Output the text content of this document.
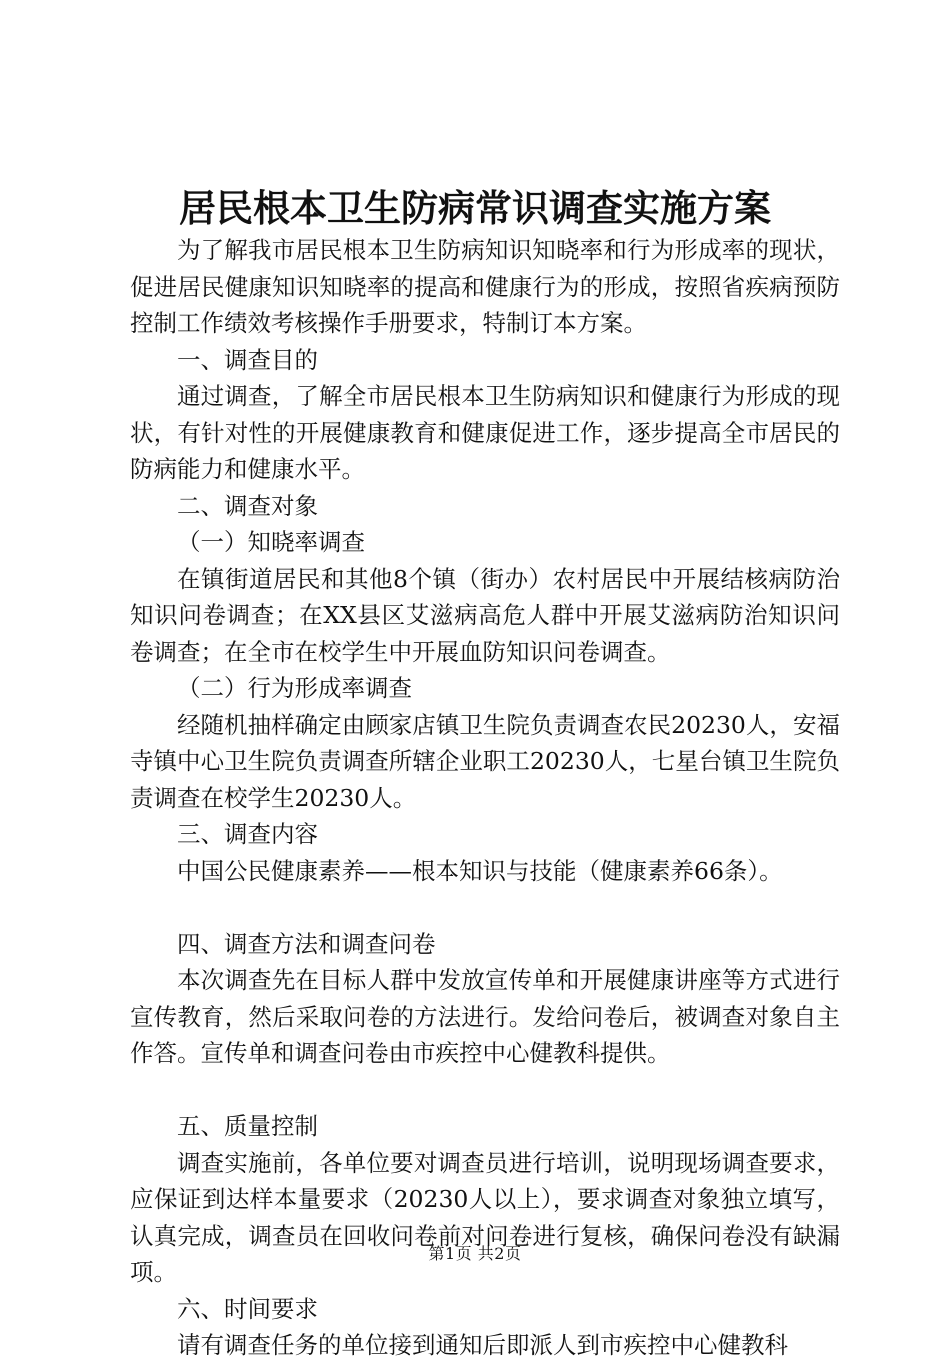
居民根本卫生防病常识调查实施方案

为了解我市居民根本卫生防病知识知晓率和行为形成率的现状，促进居民健康知识知晓率的提高和健康行为的形成，按照省疾病预防控制工作绩效考核操作手册要求，特制订本方案。

一、调查目的

通过调查，了解全市居民根本卫生防病知识和健康行为形成的现状，有针对性的开展健康教育和健康促进工作，逐步提高全市居民的防病能力和健康水平。

二、调查对象

（一）知晓率调查

在镇街道居民和其他8个镇（街办）农村居民中开展结核病防治知识问卷调查；在XX县区艾滋病高危人群中开展艾滋病防治知识问卷调查；在全市在校学生中开展血防知识问卷调查。

（二）行为形成率调查

经随机抽样确定由顾家店镇卫生院负责调查农民20230人，安福寺镇中心卫生院负责调查所辖企业职工20230人，七星台镇卫生院负责调查在校学生20230人。

三、调查内容

中国公民健康素养——根本知识与技能（健康素养66条）。

四、调查方法和调查问卷

本次调查先在目标人群中发放宣传单和开展健康讲座等方式进行宣传教育，然后采取问卷的方法进行。发给问卷后，被调查对象自主作答。宣传单和调查问卷由市疾控中心健教科提供。

五、质量控制

调查实施前，各单位要对调查员进行培训，说明现场调查要求，应保证到达样本量要求（20230人以上），要求调查对象独立填写，认真完成，调查员在回收问卷前对问卷进行复核，确保问卷没有缺漏项。

六、时间要求

请有调查任务的单位接到通知后即派人到市疾控中心健教科

第1页 共2页
